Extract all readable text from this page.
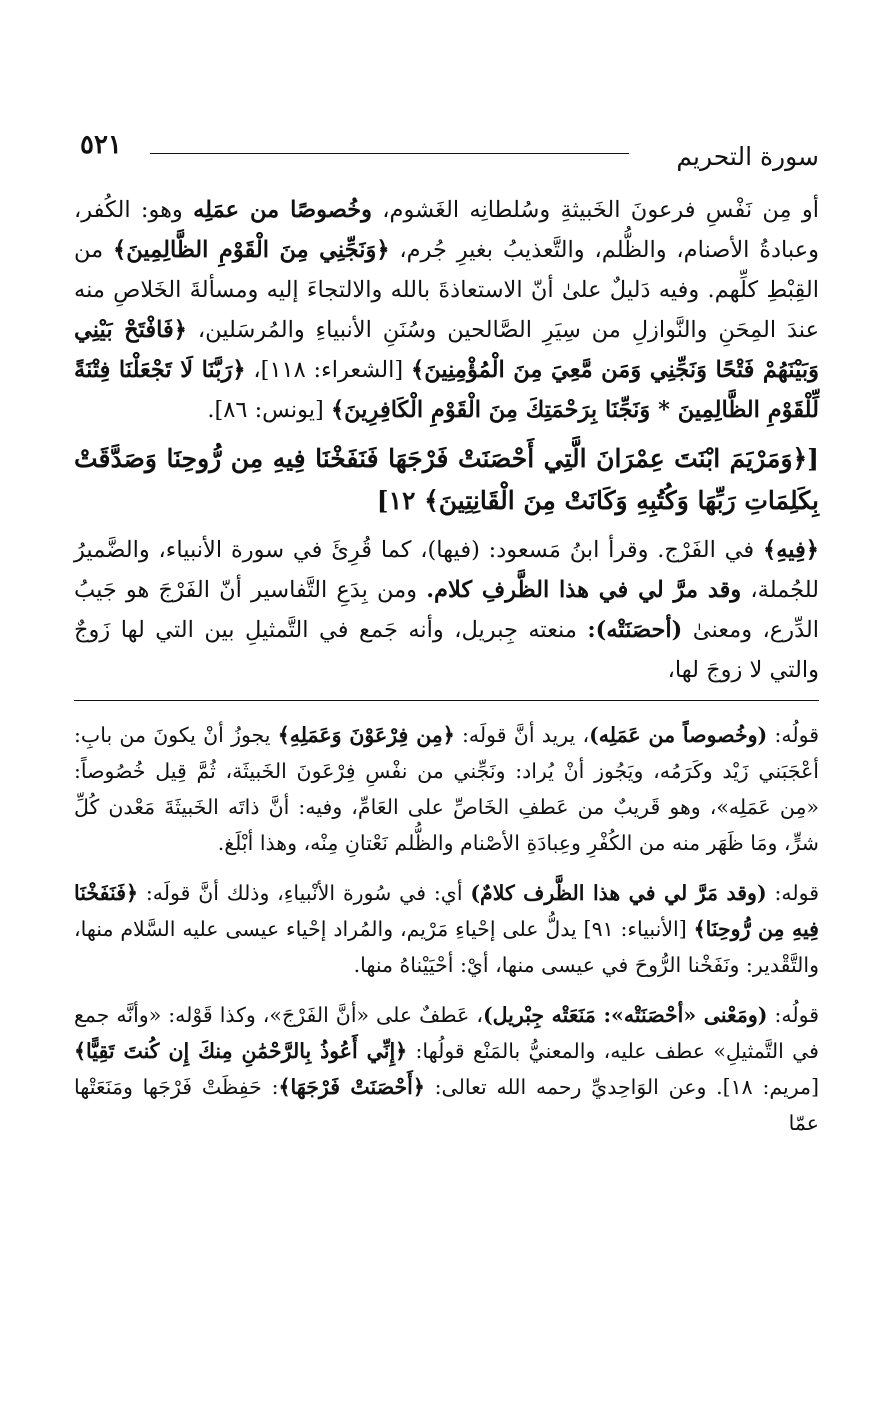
سورة التحريم
٥٢١

أو مِن نَفْسِ فرعونَ الخَبيثةِ وسُلطانِه الغَشوم، وخُصوصًا من عمَلِه وهو: الكُفر، وعبادةُ الأصنام، والظُّلم، والتَّعذيبُ بغيرِ جُرم، ﴿وَنَجِّنِي مِنَ الْقَوْمِ الظَّالِمِينَ﴾ من القِبْطِ كلِّهم. وفيه دَليلٌ علىٰ أنّ الاستعاذةَ بالله والالتجاءَ إليه ومسألةَ الخَلاصِ منه عندَ المِحَنِ والنَّوازلِ من سِيَرِ الصَّالحين وسُنَنِ الأنبياءِ والمُرسَلين، ﴿فَافْتَحْ بَيْنِي وَبَيْنَهُمْ فَتْحًا وَنَجِّنِي وَمَن مَّعِيَ مِنَ الْمُؤْمِنِينَ﴾ [الشعراء: ١١٨]، ﴿رَبَّنَا لَا تَجْعَلْنَا فِتْنَةً لِّلْقَوْمِ الظَّالِمِينَ * وَنَجِّنَا بِرَحْمَتِكَ مِنَ الْقَوْمِ الْكَافِرِينَ﴾ [يونس: ٨٦].

[﴿وَمَرْيَمَ ابْنَتَ عِمْرَانَ الَّتِي أَحْصَنَتْ فَرْجَهَا فَنَفَخْنَا فِيهِ مِن رُّوحِنَا وَصَدَّقَتْ بِكَلِمَاتِ رَبِّهَا وَكُتُبِهِ وَكَانَتْ مِنَ الْقَانِتِينَ﴾ ١٢]

﴿فِيهِ﴾ في الفَرْج. وقرأ ابنُ مَسعود: (فيها)، كما قُرِئَ في سورة الأنبياء، والضَّميرُ للجُملة، وقد مرَّ لي في هذا الظَّرفِ كلام. ومن بِدَعِ التَّفاسير أنّ الفَرْجَ هو جَيبُ الدِّرع، ومعنىٰ (أحصَنَتْه): منعته جِبريل، وأنه جَمع في التَّمثيلِ بين التي لها زَوجٌ والتي لا زوجَ لها،

قولُه: (وخُصوصاً من عَمَلِه)، يريد أنَّ قولَه: ﴿مِن فِرْعَوْنَ وَعَمَلِهِ﴾ يجوزُ أنْ يكونَ من بابِ: أعْجَبَني زَيْد وكَرَمُه، ويَجُوز أنْ يُراد: ونَجِّني من نفْسِ فِرْعَونَ الخَبيثَة، ثُمَّ قِيل خُصُوصاً: «مِن عَمَلِه»، وهو قَريبٌ من عَطفِ الخَاصِّ على العَامِّ، وفيه: أنَّ ذاتَه الخَبيثَةَ مَعْدن كُلِّ شرٍّ، ومَا ظَهَر منه من الكُفْرِ وعِبادَةِ الأصْنام والظُّلم نَعْتانِ مِنْه، وهذا أبْلَغ.

قوله: (وقد مَرَّ لي في هذا الظَّرف كلامٌ) أي: في سُورة الأنْبياءِ، وذلك أنَّ قولَه: ﴿فَنَفَخْنَا فِيهِ مِن رُّوحِنَا﴾ [الأنبياء: ٩١] يدلُّ على إحْياءِ مَرْيم، والمُراد إحْياء عيسى عليه السَّلام منها، والتَّقْدير: ونَفَخْنا الرُّوحَ في عيسى منها، أيْ: أحْيَيْناهُ منها.

قولُه: (ومَعْنى «أحْصَنَتْه»: مَنَعَتْه جِبْريل)، عَطفٌ على «أنَّ الفَرْجَ»، وكذا قَوْله: «وأنَّه جمع في التَّمثيلِ» عطف عليه، والمعنيُّ بالمَنْع قولُها: ﴿إِنِّي أَعُوذُ بِالرَّحْمَٰنِ مِنكَ إِن كُنتَ تَقِيًّا﴾ [مريم: ١٨]. وعن الوَاحِديِّ رحمه الله تعالى: ﴿أَحْصَنَتْ فَرْجَهَا﴾: حَفِظَتْ فَرْجَها ومَنَعَتْها عمّا
